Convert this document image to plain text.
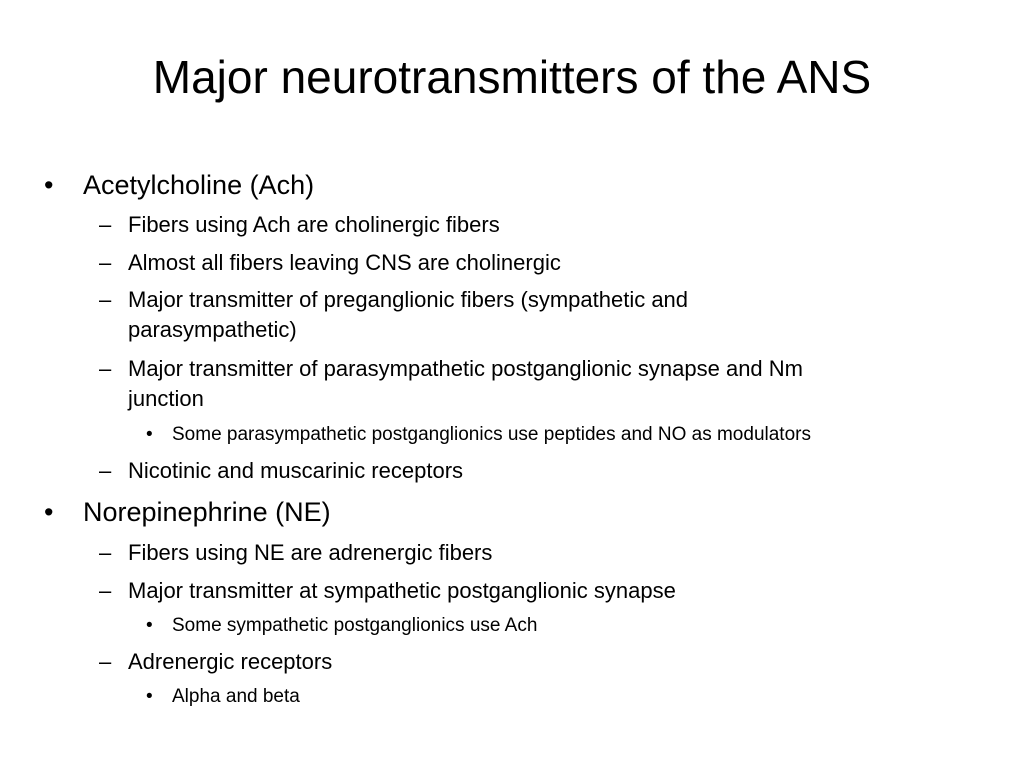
Major neurotransmitters of the ANS
• Acetylcholine (Ach)
– Fibers using Ach are cholinergic fibers
– Almost all fibers leaving CNS are cholinergic
– Major transmitter of preganglionic fibers (sympathetic and
parasympathetic)
– Major transmitter of parasympathetic postganglionic synapse and Nm
junction
• Some parasympathetic postganglionics use peptides and NO as modulators
– Nicotinic and muscarinic receptors
• Norepinephrine (NE)
– Fibers using NE are adrenergic fibers
– Major transmitter at sympathetic postganglionic synapse
• Some sympathetic postganglionics use Ach
– Adrenergic receptors
• Alpha and beta
